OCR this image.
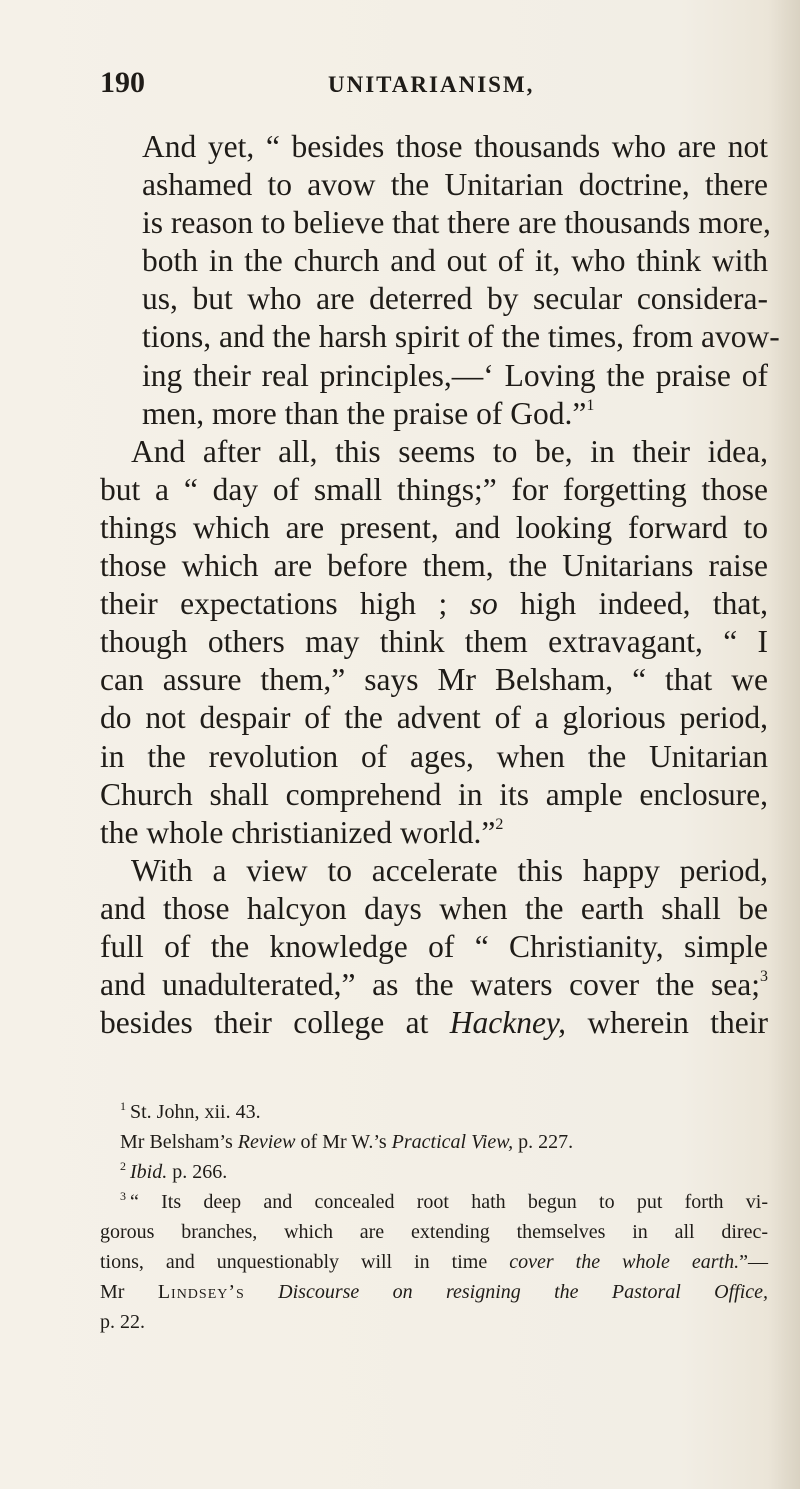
190	UNITARIANISM,

And yet, “ besides those thousands who are not
ashamed to avow the Unitarian doctrine, there
is reason to believe that there are thousands more,
both in the church and out of it, who think with
us, but who are deterred by secular considera-
tions, and the harsh spirit of the times, from avow-
ing their real principles,—‘ Loving the praise of
men, more than the praise of God.”$^1$

And after all, this seems to be, in their idea,
but a “ day of small things;” for forgetting those
things which are present, and looking forward to
those which are before them, the Unitarians raise
their expectations high ; so high indeed, that,
though others may think them extravagant, “ I
can assure them,” says Mr Belsham, “ that we
do not despair of the advent of a glorious period,
in the revolution of ages, when the Unitarian
Church shall comprehend in its ample enclosure,
the whole christianized world.”$^2$

With a view to accelerate this happy period,
and those halcyon days when the earth shall be
full of the knowledge of “ Christianity, simple
and unadulterated,” as the waters cover the sea;$^3$
besides their college at Hackney, wherein their

$^1$ St. John, xii. 43.
Mr Belsham’s Review of Mr W.’s Practical View, p. 227.
$^2$ Ibid. p. 266.
$^3$ “ Its deep and concealed root hath begun to put forth vi-
gorous branches, which are extending themselves in all direc-
tions, and unquestionably will in time cover the whole earth.”—
Mr Lindsey’s Discourse on resigning the Pastoral Office,
p. 22.
